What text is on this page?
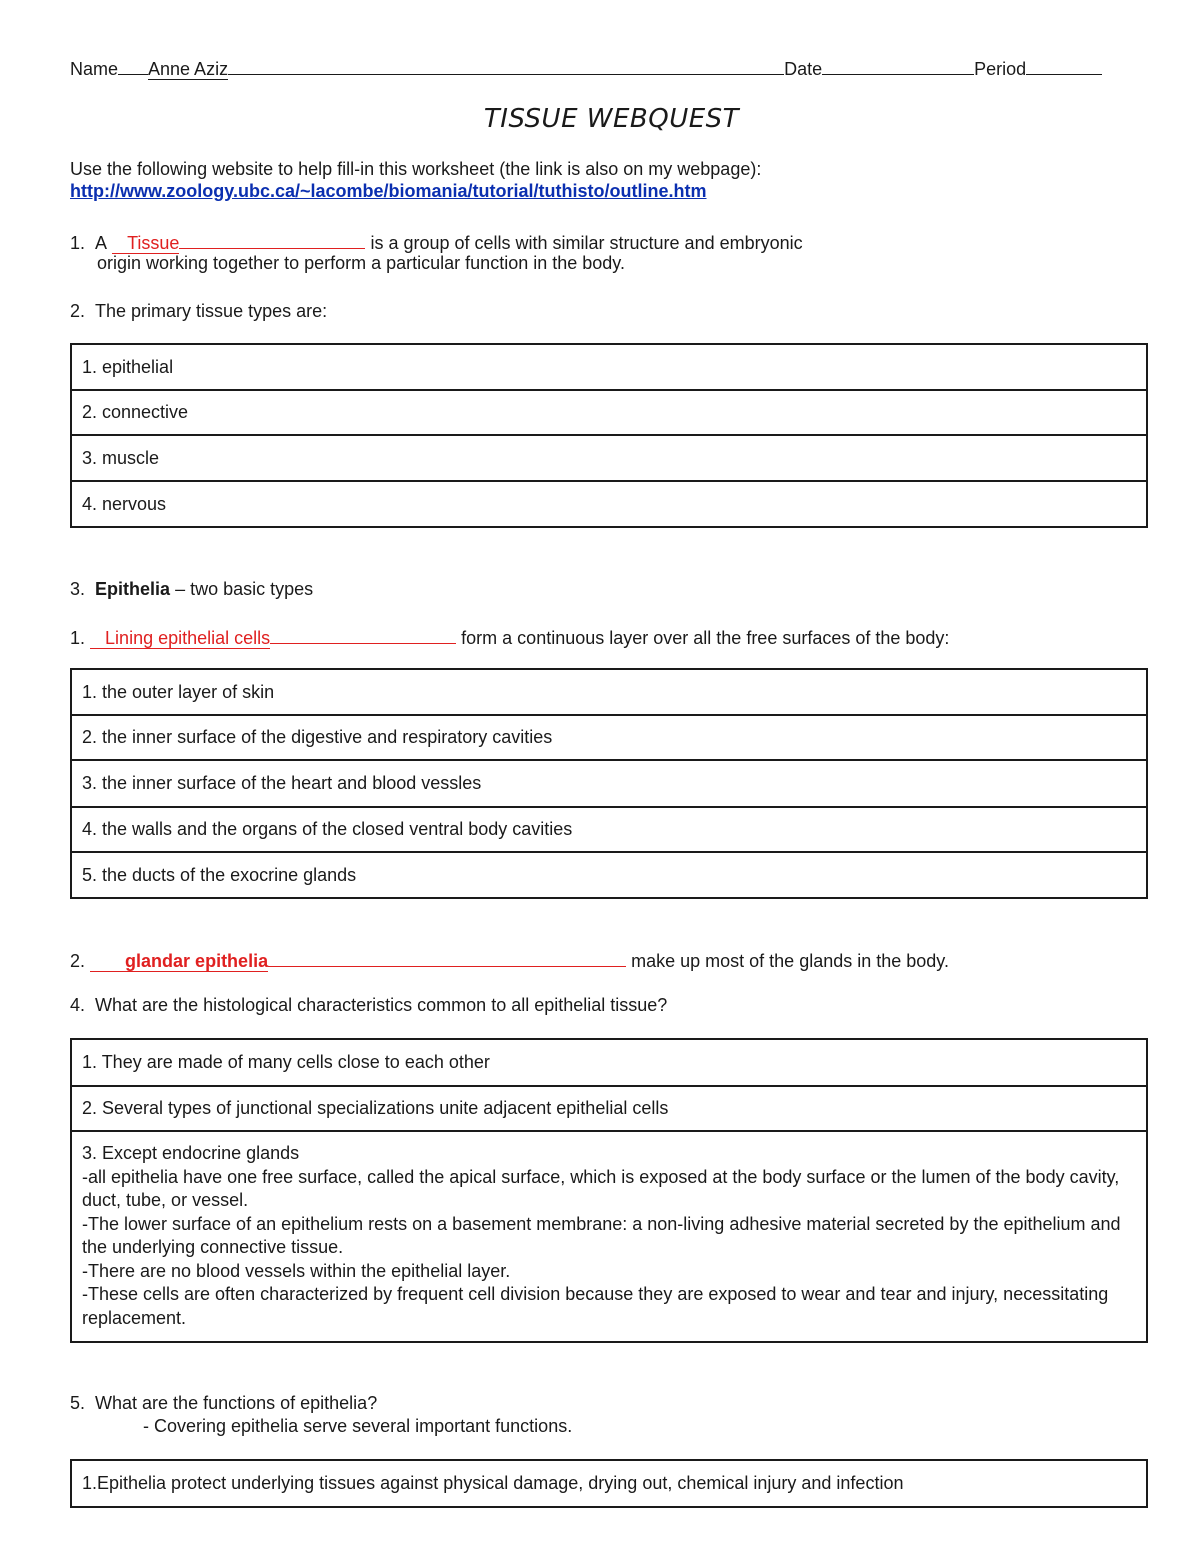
Name Anne Aziz	Date	Period
TISSUE WEBQUEST
Use the following website to help fill-in this worksheet (the link is also on my webpage):
http://www.zoology.ubc.ca/~lacombe/biomania/tutorial/tuthisto/outline.htm
1. A Tissue	is a group of cells with similar structure and embryonic
origin working together to perform a particular function in the body.
2. The primary tissue types are:
1. epithelial
2. connective
3. muscle
4. nervous
3. Epithelia – two basic types
1. Lining epithelial cells	form a continuous layer over all the free surfaces of the body:
1. the outer layer of skin
2. the inner surface of the digestive and respiratory cavities
3. the inner surface of the heart and blood vessles
4. the walls and the organs of the closed ventral body cavities
5. the ducts of the exocrine glands
2. glandar epithelia	make up most of the glands in the body.
4. What are the histological characteristics common to all epithelial tissue?
1. They are made of many cells close to each other
2. Several types of junctional specializations unite adjacent epithelial cells
3. Except endocrine glands
-all epithelia have one free surface, called the apical surface, which is exposed at the body surface or the lumen of the body cavity, duct, tube, or vessel.
-The lower surface of an epithelium rests on a basement membrane: a non-living adhesive material secreted by the epithelium and the underlying connective tissue.
-There are no blood vessels within the epithelial layer.
-These cells are often characterized by frequent cell division because they are exposed to wear and tear and injury, necessitating replacement.
5. What are the functions of epithelia?
- Covering epithelia serve several important functions.
1.Epithelia protect underlying tissues against physical damage, drying out, chemical injury and infection
